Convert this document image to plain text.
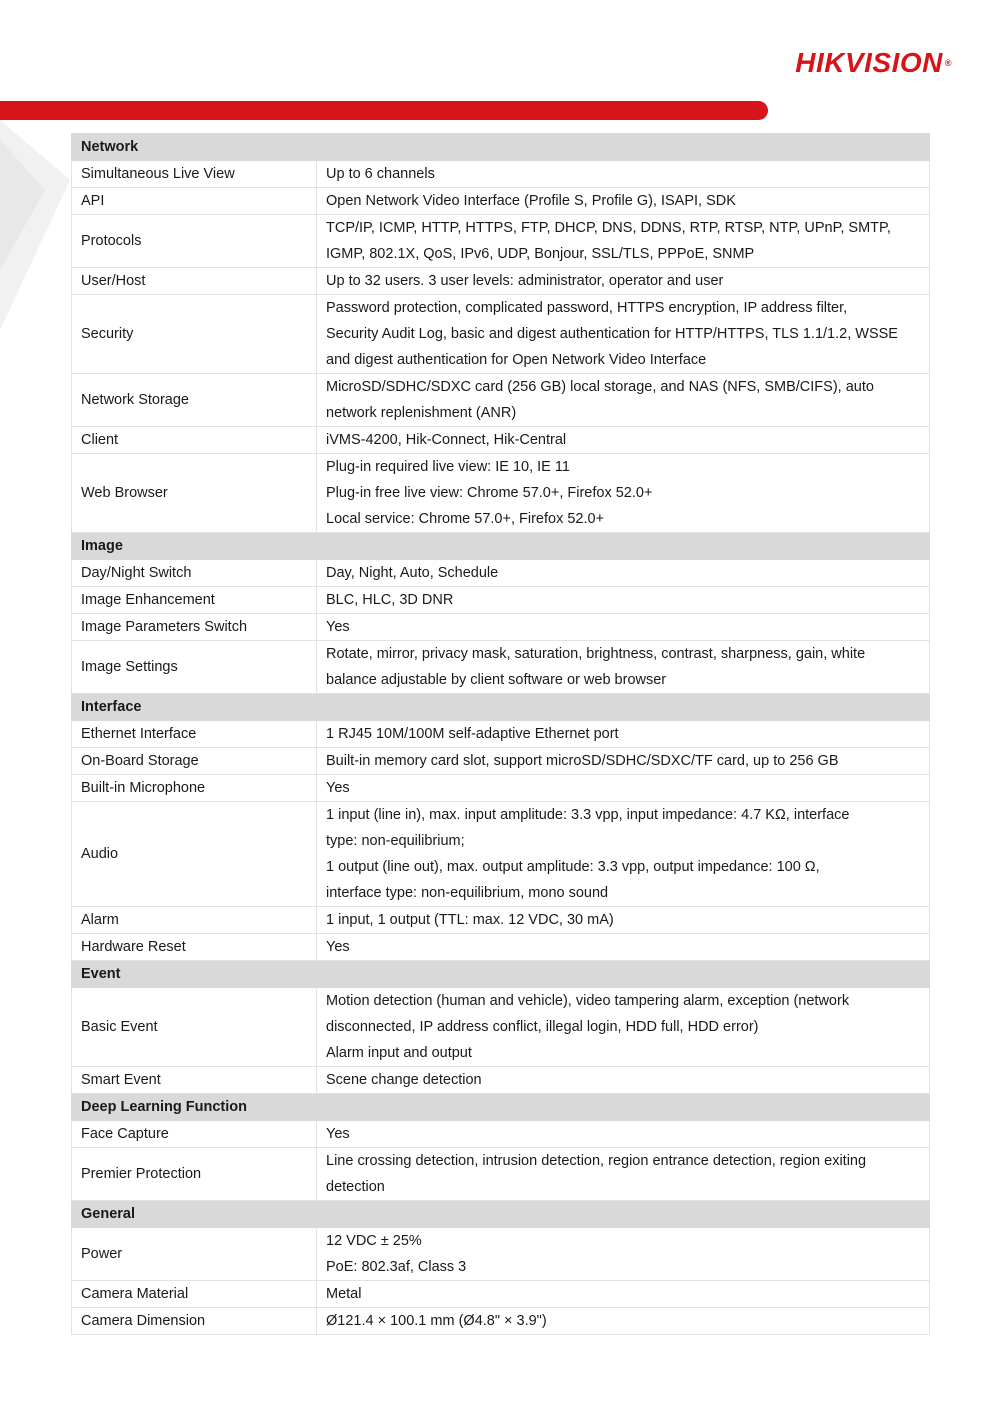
HIKVISION ®
Network	
Simultaneous Live View	Up to 6 channels
API	Open Network Video Interface (Profile S, Profile G), ISAPI, SDK
Protocols	TCP/IP, ICMP, HTTP, HTTPS, FTP, DHCP, DNS, DDNS, RTP, RTSP, NTP, UPnP, SMTP,
IGMP, 802.1X, QoS, IPv6, UDP, Bonjour, SSL/TLS, PPPoE, SNMP
User/Host	Up to 32 users. 3 user levels: administrator, operator and user
Security	Password protection, complicated password, HTTPS encryption, IP address filter,
Security Audit Log, basic and digest authentication for HTTP/HTTPS, TLS 1.1/1.2, WSSE
and digest authentication for Open Network Video Interface
Network Storage	MicroSD/SDHC/SDXC card (256 GB) local storage, and NAS (NFS, SMB/CIFS), auto
network replenishment (ANR)
Client	iVMS-4200, Hik-Connect, Hik-Central
Web Browser	Plug-in required live view: IE 10, IE 11
Plug-in free live view: Chrome 57.0+, Firefox 52.0+
Local service: Chrome 57.0+, Firefox 52.0+
Image	
Day/Night Switch	Day, Night, Auto, Schedule
Image Enhancement	BLC, HLC, 3D DNR
Image Parameters Switch	Yes
Image Settings	Rotate, mirror, privacy mask, saturation, brightness, contrast, sharpness, gain, white
balance adjustable by client software or web browser
Interface	
Ethernet Interface	1 RJ45 10M/100M self-adaptive Ethernet port
On-Board Storage	Built-in memory card slot, support microSD/SDHC/SDXC/TF card, up to 256 GB
Built-in Microphone	Yes
Audio	1 input (line in), max. input amplitude: 3.3 vpp, input impedance: 4.7 KΩ, interface
type: non-equilibrium;
1 output (line out), max. output amplitude: 3.3 vpp, output impedance: 100 Ω,
interface type: non-equilibrium, mono sound
Alarm	1 input, 1 output (TTL: max. 12 VDC, 30 mA)
Hardware Reset	Yes
Event	
Basic Event	Motion detection (human and vehicle), video tampering alarm, exception (network
disconnected, IP address conflict, illegal login, HDD full, HDD error)
Alarm input and output
Smart Event	Scene change detection
Deep Learning Function	
Face Capture	Yes
Premier Protection	Line crossing detection, intrusion detection, region entrance detection, region exiting
detection
General	
Power	12 VDC ± 25%
PoE: 802.3af, Class 3
Camera Material	Metal
Camera Dimension	Ø121.4 × 100.1 mm (Ø4.8" × 3.9")
